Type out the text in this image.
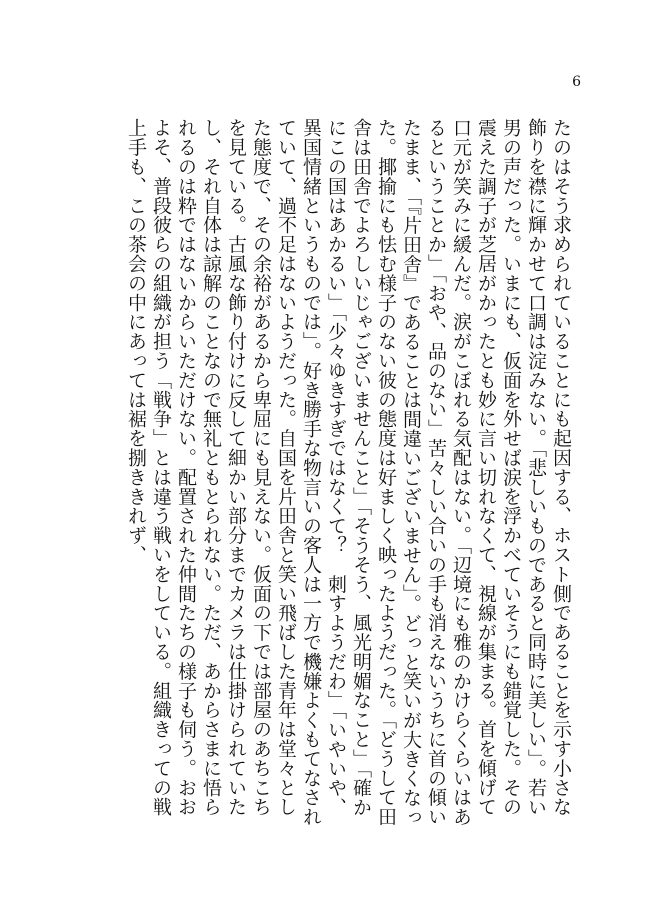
6

たのはそう求められていることにも起因する、ホスト側であることを示す小さな飾りを襟に輝かせて口調は淀みない。「悲しいものであると同時に美しい」。若い男の声だった。いまにも、仮面を外せば涙を浮かべていそうにも錯覚した。その震えた調子が芝居がかったとも妙に言い切れなくて、視線が集まる。首を傾げて口元が笑みに緩んだ。涙がこぼれる気配はない。「辺境にも雅のかけらくらいはあるということか」「おや、品のない」苦々しい合いの手も消えないうちに首の傾いたまま、「『片田舎』であることは間違いございません」。どっと笑いが大きくなった。揶揄にも怯む様子のない彼の態度は好ましく映ったようだった。「どうして田舎は田舎でよろしいじゃございませんこと」「そうそう、風光明媚なこと」「確かにこの国はあかるい」「少々ゆきすぎではなくて？　刺すようだわ」「いやいや、異国情緒というものでは」。好き勝手な物言いの客人は一方で機嫌よくもてなされていて、過不足はないようだった。自国を片田舎と笑い飛ばした青年は堂々とした態度で、その余裕があるから卑屈にも見えない。仮面の下では部屋のあちこちを見ている。古風な飾り付けに反して細かい部分までカメラは仕掛けられていたし、それ自体は諒解のことなので無礼ともとられない。ただ、あからさまに悟られるのは粋ではないからいただけない。配置された仲間たちの様子も伺う。おおよそ、普段彼らの組織が担う「戦争」とは違う戦いをしている。組織きっての戦上手も、この茶会の中にあっては裾を捌ききれず、
